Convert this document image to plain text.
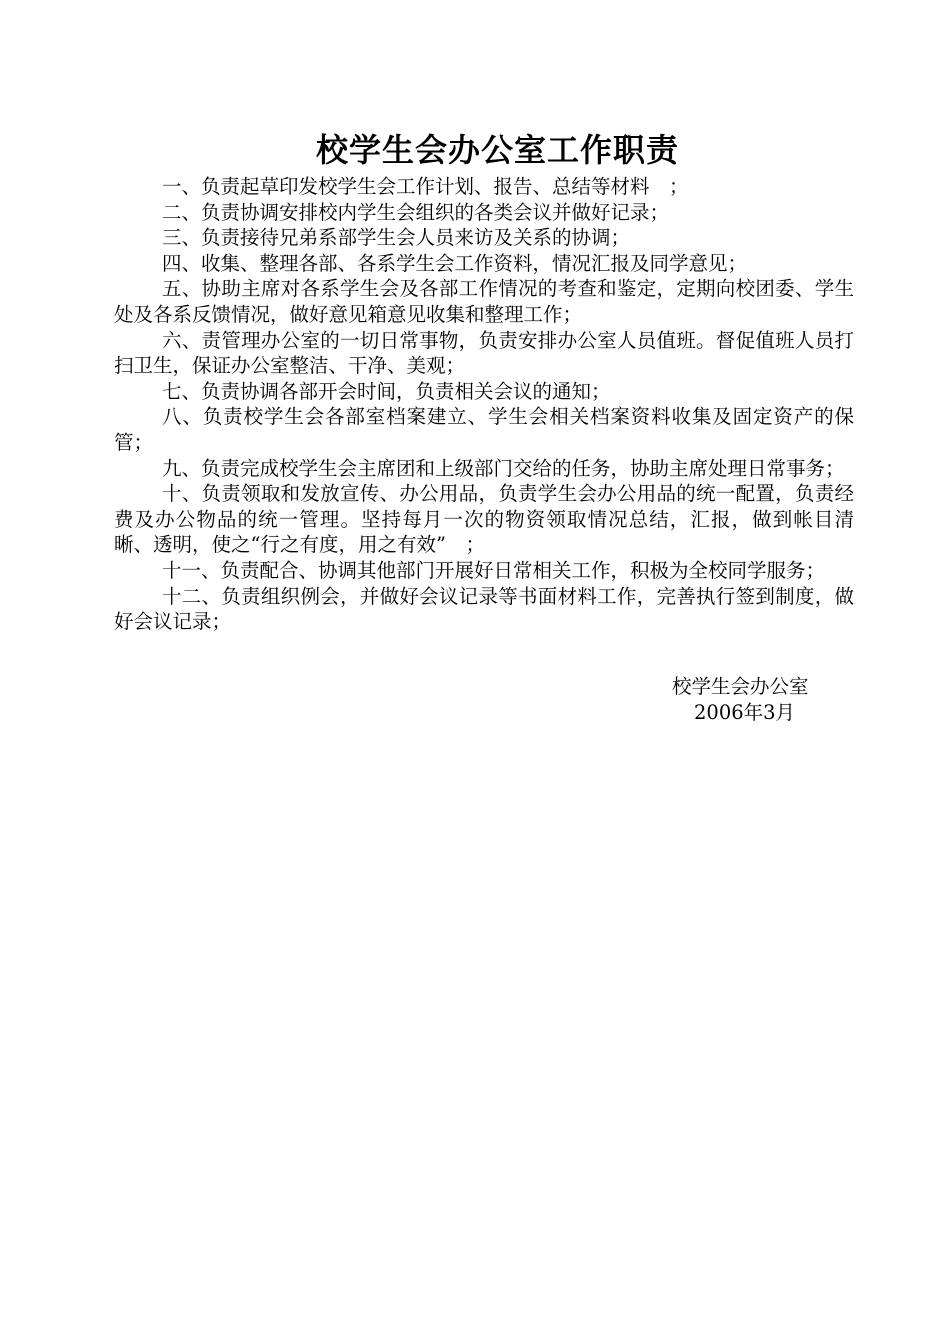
校学生会办公室工作职责

一、负责起草印发校学生会工作计划、报告、总结等材料　；

二、负责协调安排校内学生会组织的各类会议并做好记录；

三、负责接待兄弟系部学生会人员来访及关系的协调；

四、收集、整理各部、各系学生会工作资料，情况汇报及同学意见；

五、协助主席对各系学生会及各部工作情况的考查和鉴定，定期向校团委、学生处及各系反馈情况，做好意见箱意见收集和整理工作；

六、责管理办公室的一切日常事物，负责安排办公室人员值班。督促值班人员打扫卫生，保证办公室整洁、干净、美观；

七、负责协调各部开会时间，负责相关会议的通知；

八、负责校学生会各部室档案建立、学生会相关档案资料收集及固定资产的保管；

九、负责完成校学生会主席团和上级部门交给的任务，协助主席处理日常事务；

十、负责领取和发放宣传、办公用品，负责学生会办公用品的统一配置，负责经费及办公物品的统一管理。坚持每月一次的物资领取情况总结，汇报，做到帐目清晰、透明，使之“行之有度，用之有效”　；

十一、负责配合、协调其他部门开展好日常相关工作，积极为全校同学服务；

十二、负责组织例会，并做好会议记录等书面材料工作，完善执行签到制度，做好会议记录；

校学生会办公室
2006年3月
